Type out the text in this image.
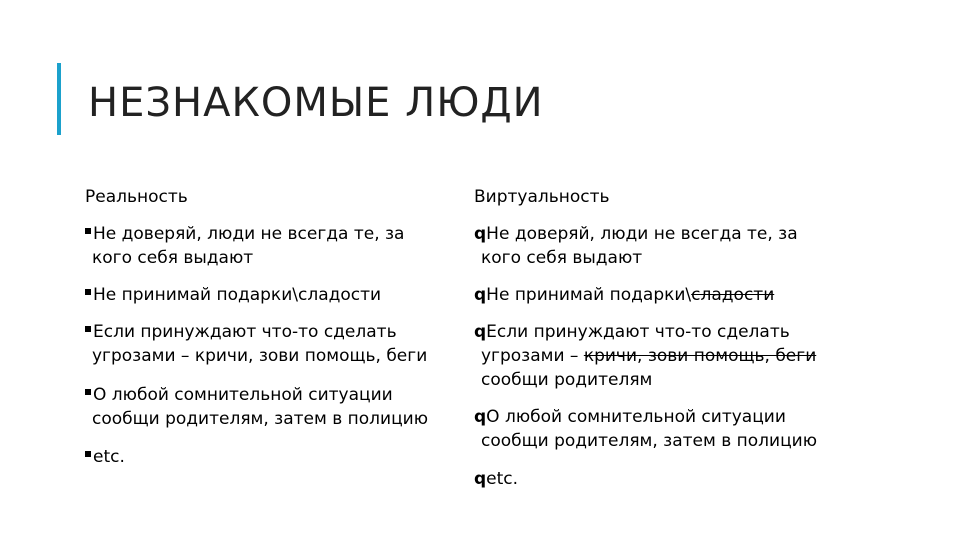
НЕЗНАКОМЫЕ ЛЮДИ
Реальность
Не доверяй, люди не всегда те, за
кого себя выдают
Не принимай подарки\сладости
Если принуждают что-то сделать
угрозами – кричи, зови помощь, беги
О любой сомнительной ситуации
сообщи родителям, затем в полицию
etc.
Виртуальность
qНе доверяй, люди не всегда те, за
кого себя выдают
qНе принимай подарки\сладости
qЕсли принуждают что-то сделать
угрозами – кричи, зови помощь, беги
сообщи родителям
qО любой сомнительной ситуации
сообщи родителям, затем в полицию
qetc.
